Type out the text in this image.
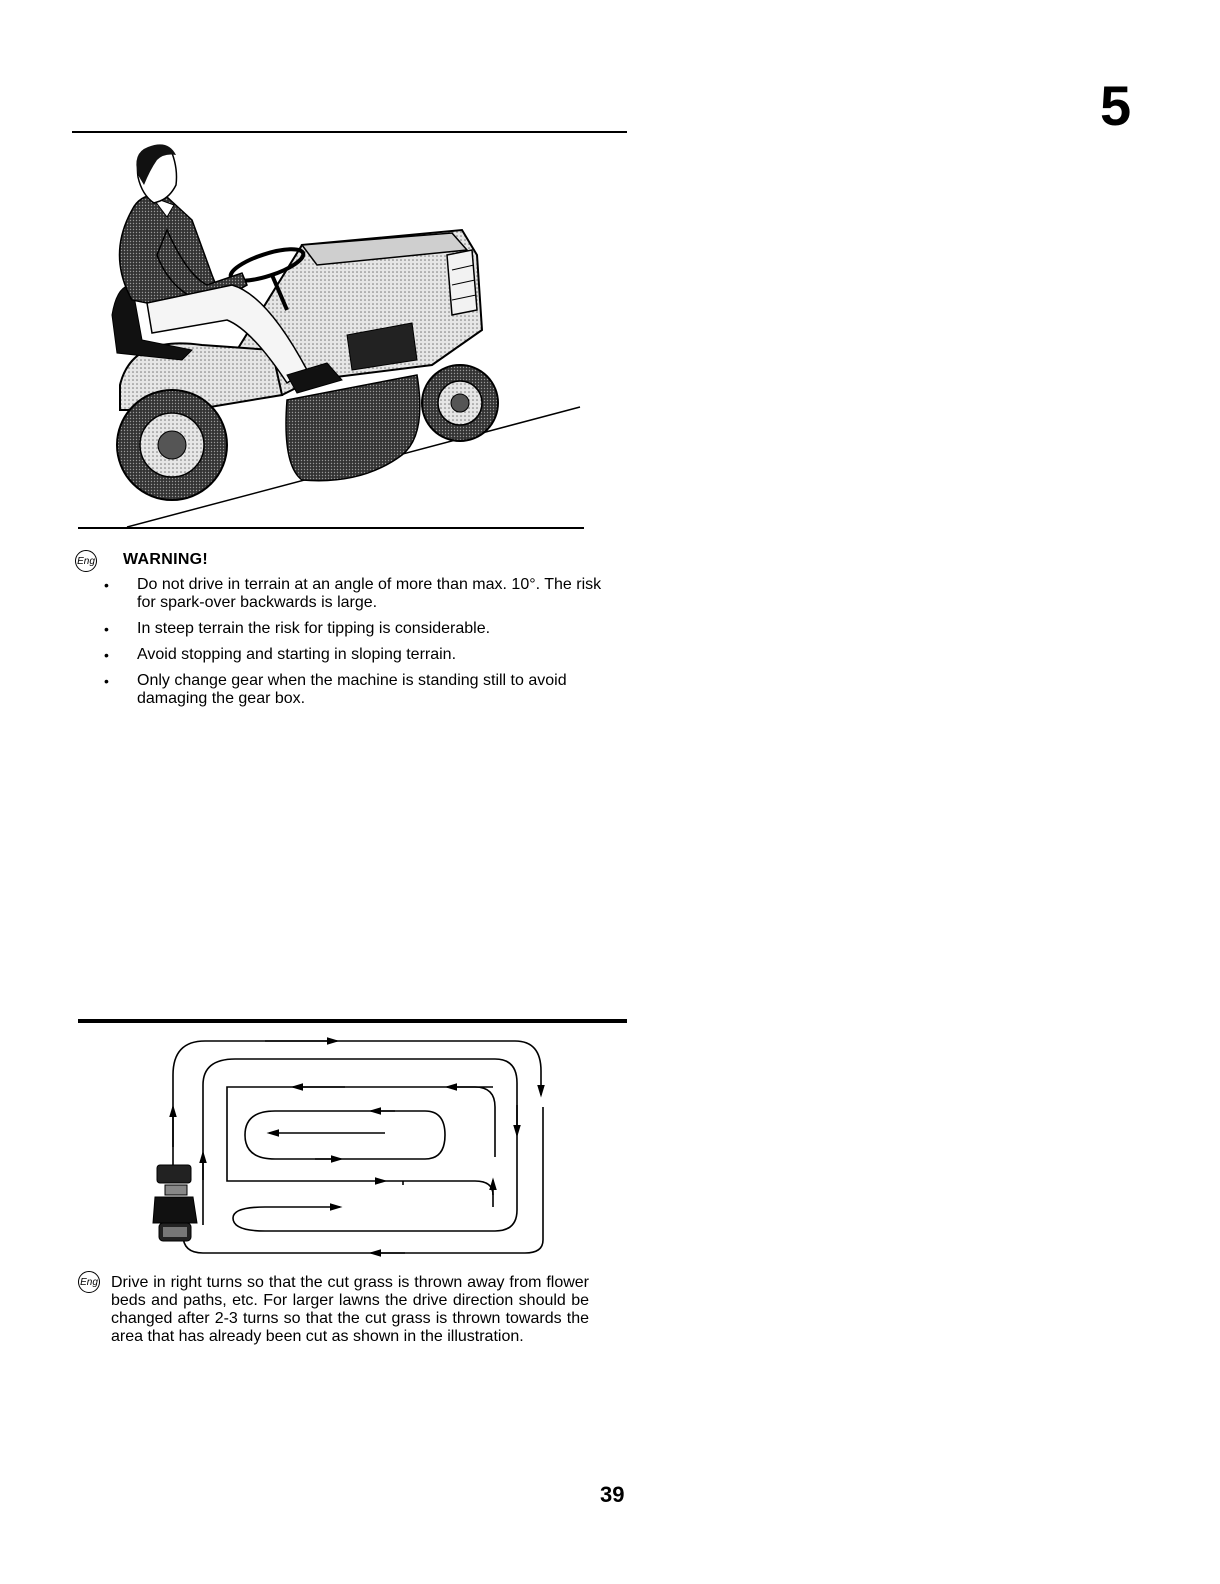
5
Eng WARNING!
• Do not drive in terrain at an angle of more than max. 10°. The risk for spark-over backwards is large.
• In steep terrain the risk for tipping is considerable.
• Avoid stopping and starting in sloping terrain.
• Only change gear when the machine is standing still to avoid damaging the gear box.
Eng Drive in right turns so that the cut grass is thrown away from flower beds and paths, etc. For larger lawns the drive direction should be changed after 2-3 turns so that the cut grass is thrown towards the area that has already been cut as shown in the illustration.
39
